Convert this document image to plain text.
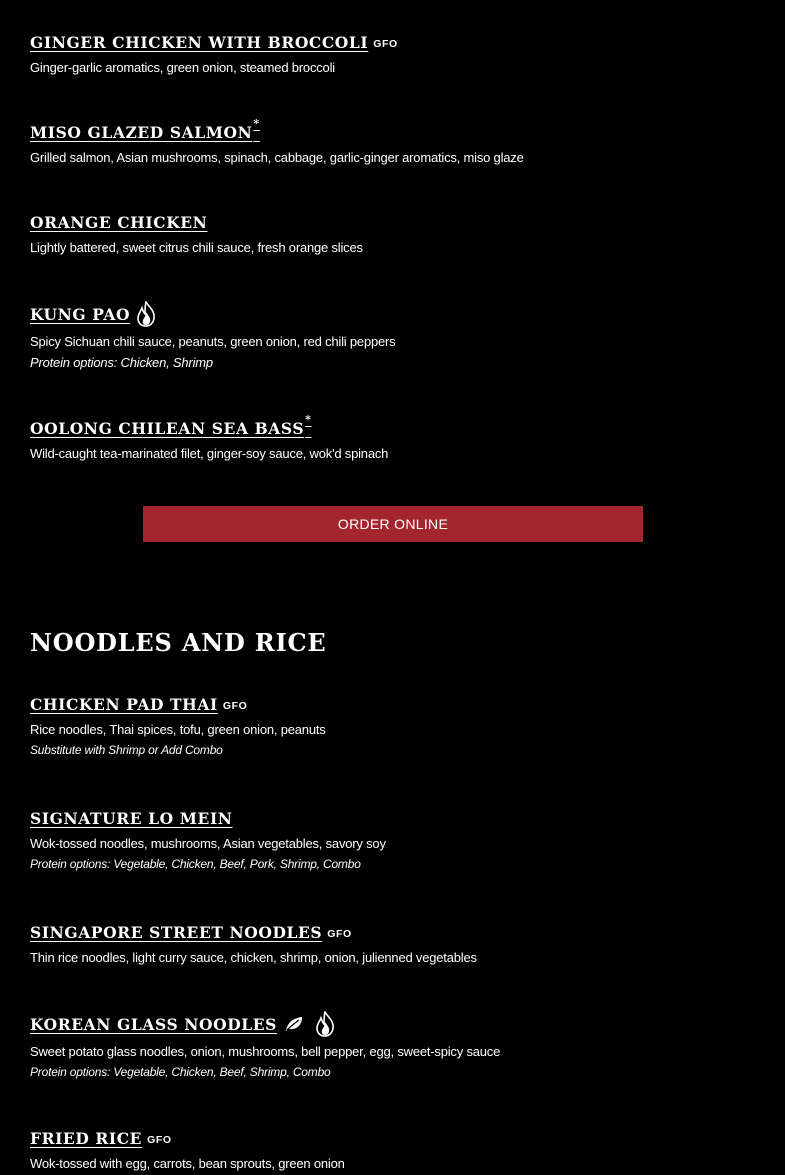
GINGER CHICKEN WITH BROCCOLI GFO
Ginger-garlic aromatics, green onion, steamed broccoli
MISO GLAZED SALMON*
Grilled salmon, Asian mushrooms, spinach, cabbage, garlic-ginger aromatics, miso glaze
ORANGE CHICKEN
Lightly battered, sweet citrus chili sauce, fresh orange slices
KUNG PAO
Spicy Sichuan chili sauce, peanuts, green onion, red chili peppers
Protein options: Chicken, Shrimp
OOLONG CHILEAN SEA BASS*
Wild-caught tea-marinated filet, ginger-soy sauce, wok'd spinach
ORDER ONLINE
NOODLES AND RICE
CHICKEN PAD THAI GFO
Rice noodles, Thai spices, tofu, green onion, peanuts
Substitute with Shrimp or Add Combo
SIGNATURE LO MEIN
Wok-tossed noodles, mushrooms, Asian vegetables, savory soy
Protein options: Vegetable, Chicken, Beef, Pork, Shrimp, Combo
SINGAPORE STREET NOODLES GFO
Thin rice noodles, light curry sauce, chicken, shrimp, onion, julienned vegetables
KOREAN GLASS NOODLES
Sweet potato glass noodles, onion, mushrooms, bell pepper, egg, sweet-spicy sauce
Protein options: Vegetable, Chicken, Beef, Shrimp, Combo
FRIED RICE GFO
Wok-tossed with egg, carrots, bean sprouts, green onion
